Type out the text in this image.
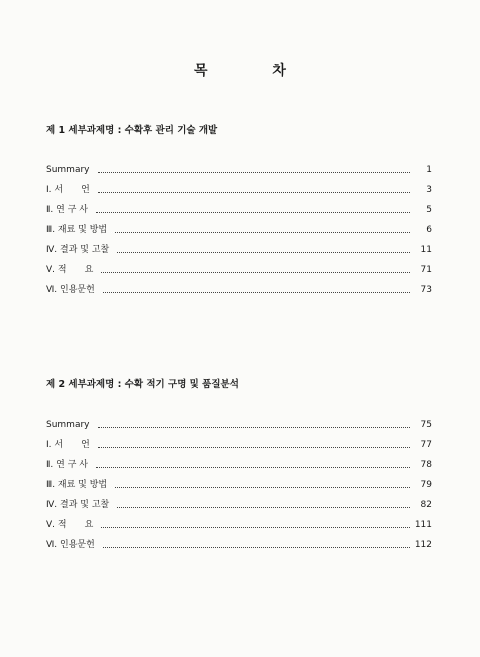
목 차
제 1 세부과제명 : 수확후 관리 기술 개발
Summary	1
Ⅰ. 서　　언	3
Ⅱ. 연 구 사	5
Ⅲ. 재료 및 방법	6
Ⅳ. 결과 및 고찰	11
Ⅴ. 적　　요	71
Ⅵ. 인용문헌	73
제 2 세부과제명 : 수확 적기 구명 및 품질분석
Summary	75
Ⅰ. 서　　언	77
Ⅱ. 연 구 사	78
Ⅲ. 재료 및 방법	79
Ⅳ. 결과 및 고찰	82
Ⅴ. 적　　요	111
Ⅵ. 인용문헌	112
